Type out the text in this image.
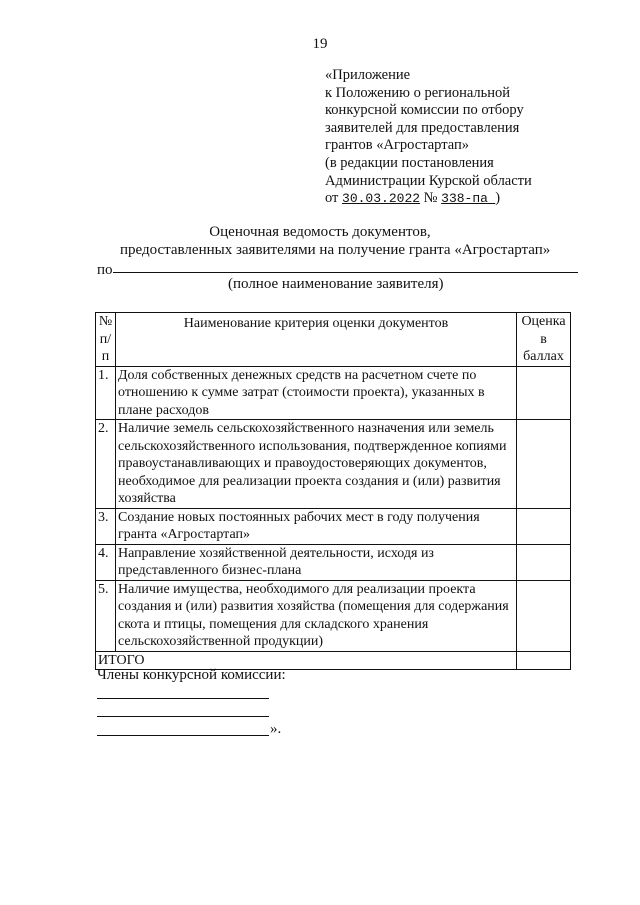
19
«Приложение
к Положению о региональной
конкурсной комиссии по отбору
заявителей для предоставления
грантов «Агростартап»
(в редакции постановления
Администрации Курской области
от 30.03.2022 № 338-па )
Оценочная ведомость документов,
предоставленных заявителями на получение гранта «Агростартап»
по
(полное наименование заявителя)
№ п/п	Наименование критерия оценки документов	Оценка в баллах
1.	Доля собственных денежных средств на расчетном счете по отношению к сумме затрат (стоимости проекта), указанных в плане расходов	
2.	Наличие земель сельскохозяйственного назначения или земель сельскохозяйственного использования, подтвержденное копиями правоустанавливающих и правоудостоверяющих документов, необходимое для реализации проекта создания и (или) развития хозяйства	
3.	Создание новых постоянных рабочих мест в году получения гранта «Агростартап»	
4.	Направление хозяйственной деятельности, исходя из представленного бизнес-плана	
5.	Наличие имущества, необходимого для реализации проекта создания и (или) развития хозяйства (помещения для содержания скота и птицы, помещения для складского хранения сельскохозяйственной продукции)	
ИТОГО		
Члены конкурсной комиссии:
».
